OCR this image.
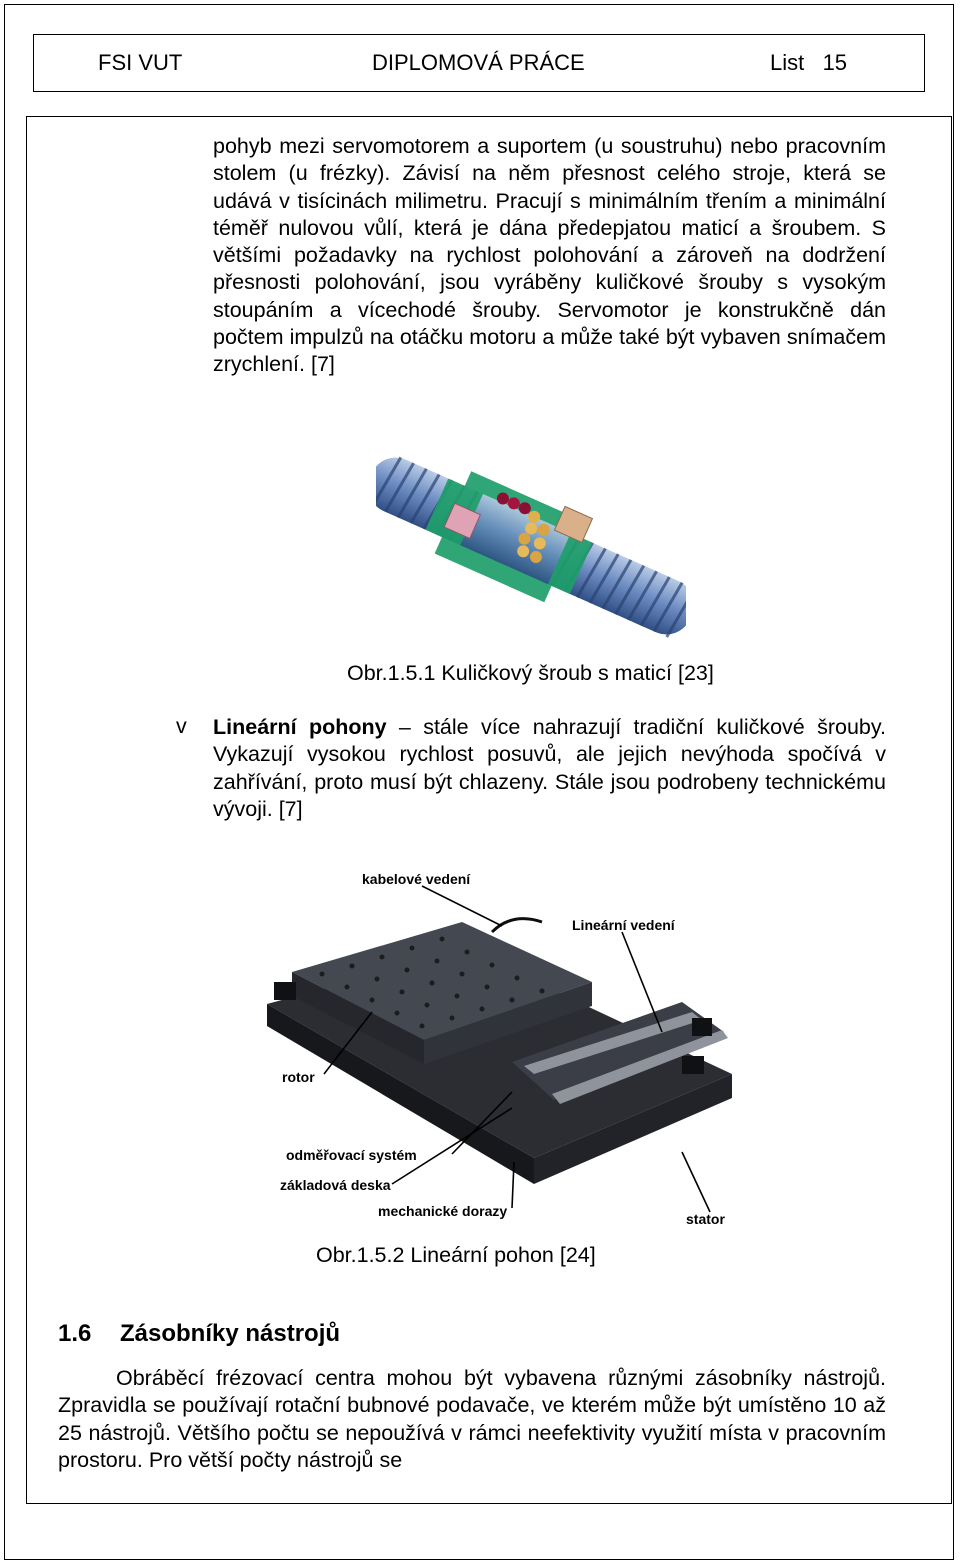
FSI VUT	DIPLOMOVÁ PRÁCE	List   15

pohyb mezi servomotorem a suportem (u soustruhu) nebo pracovním stolem (u frézky). Závisí na něm přesnost celého stroje, která se udává v tisícinách milimetru. Pracují s minimálním třením a minimální téměř nulovou vůlí, která je dána předepjatou maticí a šroubem. S většími požadavky na rychlost polohování a zároveň na dodržení přesnosti polohování, jsou vyráběny kuličkové šrouby s vysokým stoupáním a vícechodé šrouby. Servomotor je konstrukčně dán počtem impulzů na otáčku motoru a může také být vybaven snímačem zrychlení. [7]

Obr.1.5.1 Kuličkový šroub s maticí [23]
v Lineární pohony – stále více nahrazují tradiční kuličkové šrouby. Vykazují vysokou rychlost posuvů, ale jejich nevýhoda spočívá v zahřívání, proto musí být chlazeny. Stále jsou podrobeny technickému vývoji. [7]

kabelové vedení
Lineární vedení
rotor
odměřovací systém
základová deska
mechanické dorazy	stator
Obr.1.5.2 Lineární pohon [24]
1.6 Zásobníky nástrojů

Obráběcí frézovací centra mohou být vybavena různými zásobníky nástrojů. Zpravidla se používají rotační bubnové podavače, ve kterém může být umístěno 10 až 25 nástrojů. Většího počtu se nepoužívá v rámci neefektivity využití místa v pracovním prostoru. Pro větší počty nástrojů se
